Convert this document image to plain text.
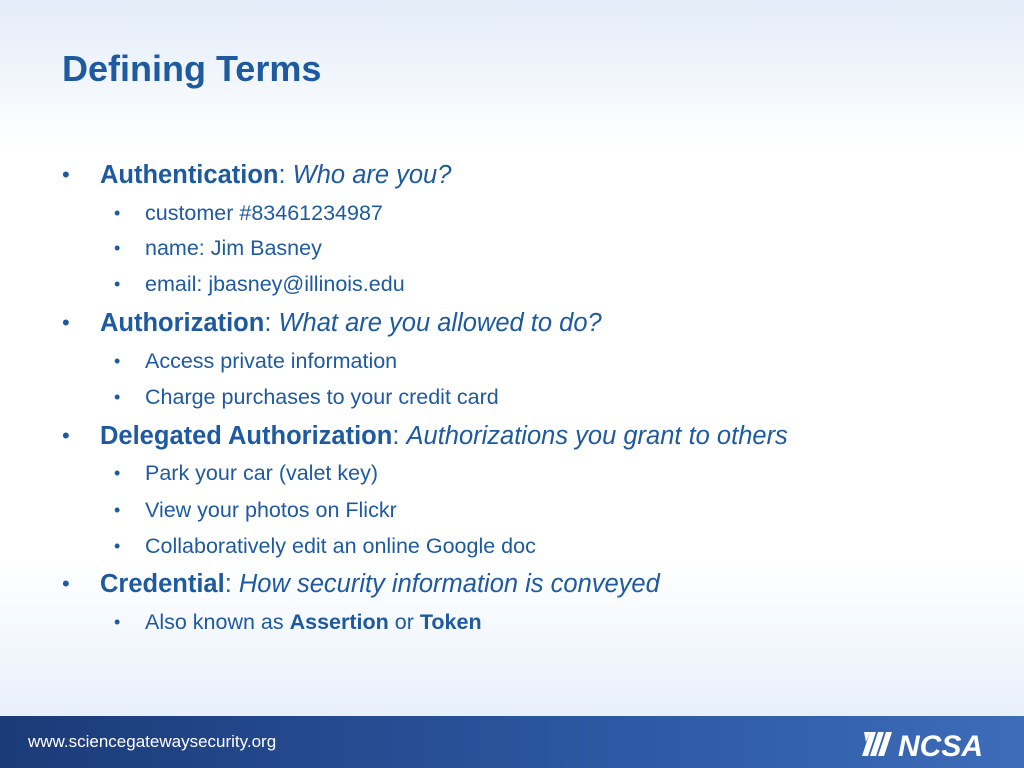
Defining Terms
• Authentication: Who are you?
• customer #83461234987
• name: Jim Basney
• email: jbasney@illinois.edu
• Authorization: What are you allowed to do?
• Access private information
• Charge purchases to your credit card
• Delegated Authorization: Authorizations you grant to others
• Park your car (valet key)
• View your photos on Flickr
• Collaboratively edit an online Google doc
• Credential: How security information is conveyed
• Also known as Assertion or Token
www.sciencegatewaysecurity.org	NCSA
